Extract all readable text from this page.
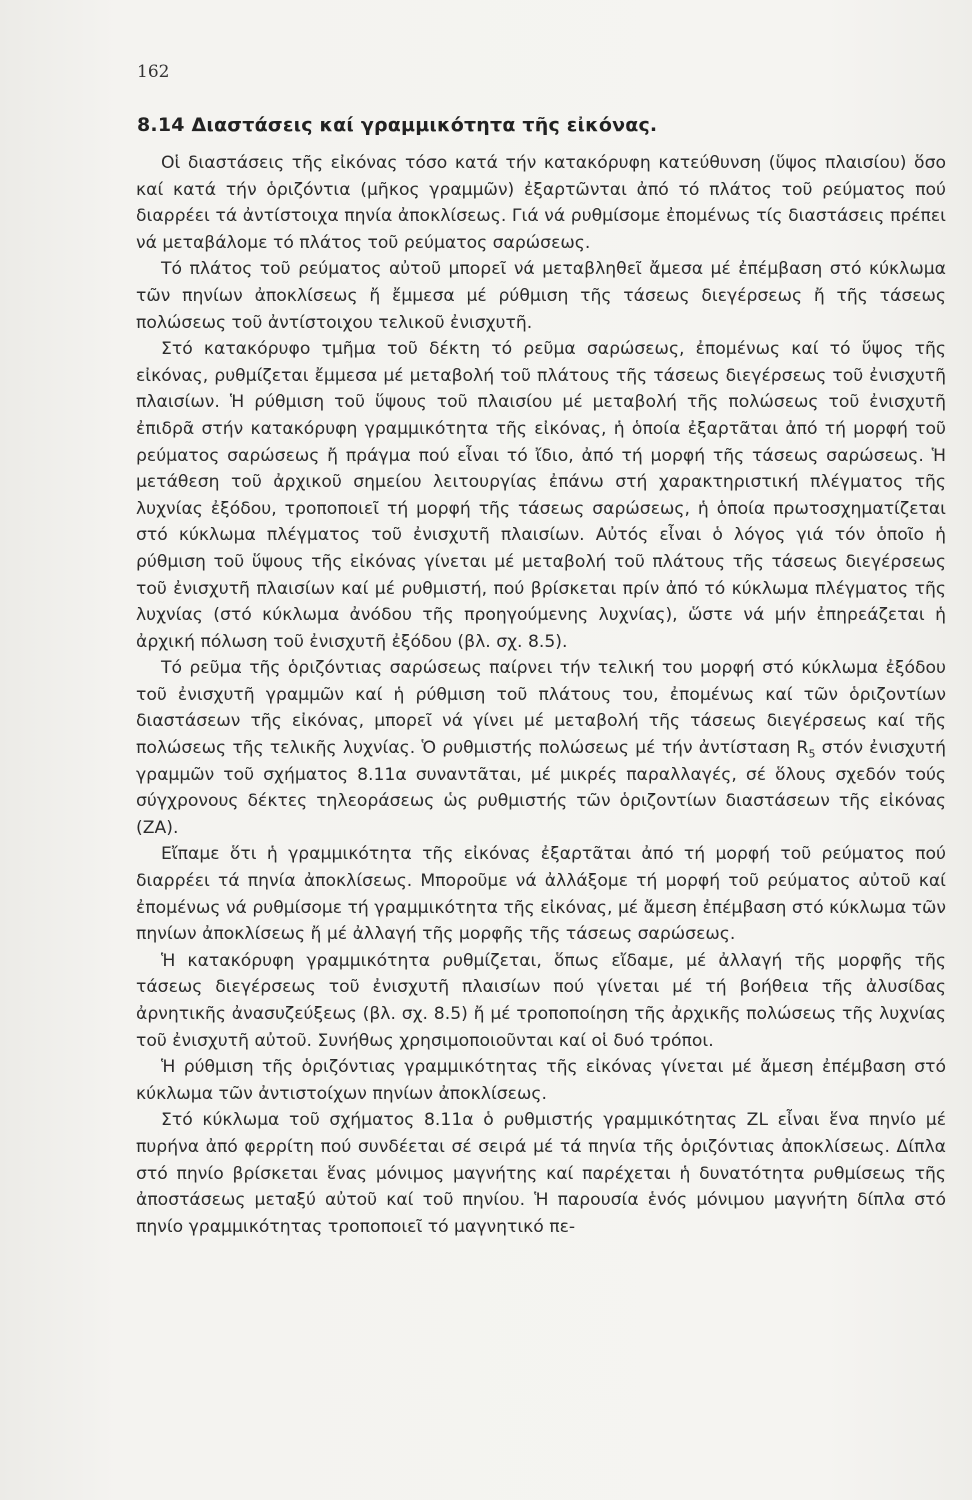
162
8.14 Διαστάσεις καί γραμμικότητα τῆς εἰκόνας.

Οἱ διαστάσεις τῆς εἰκόνας τόσο κατά τήν κατακόρυφη κατεύθυνση (ὕψος πλαισίου) ὅσο καί κατά τήν ὁριζόντια (μῆκος γραμμῶν) ἐξαρτῶνται ἀπό τό πλάτος τοῦ ρεύματος πού διαρρέει τά ἀντίστοιχα πηνία ἀποκλίσεως. Γιά νά ρυθμίσομε ἐπομένως τίς διαστάσεις πρέπει νά μεταβάλομε τό πλάτος τοῦ ρεύματος σαρώσεως.

Τό πλάτος τοῦ ρεύματος αὐτοῦ μπορεῖ νά μεταβληθεῖ ἄμεσα μέ ἐπέμβαση στό κύκλωμα τῶν πηνίων ἀποκλίσεως ἤ ἔμμεσα μέ ρύθμιση τῆς τάσεως διεγέρσεως ἤ τῆς τάσεως πολώσεως τοῦ ἀντίστοιχου τελικοῦ ἐνισχυτῆ.

Στό κατακόρυφο τμῆμα τοῦ δέκτη τό ρεῦμα σαρώσεως, ἐπομένως καί τό ὕψος τῆς εἰκόνας, ρυθμίζεται ἔμμεσα μέ μεταβολή τοῦ πλάτους τῆς τάσεως διεγέρσεως τοῦ ἐνισχυτῆ πλαισίων. Ἡ ρύθμιση τοῦ ὕψους τοῦ πλαισίου μέ μεταβολή τῆς πολώσεως τοῦ ἐνισχυτῆ ἐπιδρᾶ στήν κατακόρυφη γραμμικότητα τῆς εἰκόνας, ἡ ὁποία ἐξαρτᾶται ἀπό τή μορφή τοῦ ρεύματος σαρώσεως ἤ πράγμα πού εἶναι τό ἴδιο, ἀπό τή μορφή τῆς τάσεως σαρώσεως. Ἡ μετάθεση τοῦ ἀρχικοῦ σημείου λειτουργίας ἐπάνω στή χαρακτηριστική πλέγματος τῆς λυχνίας ἐξόδου, τροποποιεῖ τή μορφή τῆς τάσεως σαρώσεως, ἡ ὁποία πρωτοσχηματίζεται στό κύκλωμα πλέγματος τοῦ ἐνισχυτῆ πλαισίων. Αὐτός εἶναι ὁ λόγος γιά τόν ὁποῖο ἡ ρύθμιση τοῦ ὕψους τῆς εἰκόνας γίνεται μέ μεταβολή τοῦ πλάτους τῆς τάσεως διεγέρσεως τοῦ ἐνισχυτῆ πλαισίων καί μέ ρυθμιστή, πού βρίσκεται πρίν ἀπό τό κύκλωμα πλέγματος τῆς λυχνίας (στό κύκλωμα ἀνόδου τῆς προηγούμενης λυχνίας), ὥστε νά μήν ἐπηρεάζεται ἡ ἀρχική πόλωση τοῦ ἐνισχυτῆ ἐξόδου (βλ. σχ. 8.5).

Τό ρεῦμα τῆς ὁριζόντιας σαρώσεως παίρνει τήν τελική του μορφή στό κύκλωμα ἐξόδου τοῦ ἐνισχυτῆ γραμμῶν καί ἡ ρύθμιση τοῦ πλάτους του, ἐπομένως καί τῶν ὁριζοντίων διαστάσεων τῆς εἰκόνας, μπορεῖ νά γίνει μέ μεταβολή τῆς τάσεως διεγέρσεως καί τῆς πολώσεως τῆς τελικῆς λυχνίας. Ὁ ρυθμιστής πολώσεως μέ τήν ἀντίσταση $R_5$ στόν ἐνισχυτή γραμμῶν τοῦ σχήματος 8.11α συναντᾶται, μέ μικρές παραλλαγές, σέ ὅλους σχεδόν τούς σύγχρονους δέκτες τηλεοράσεως ὡς ρυθμιστής τῶν ὁριζοντίων διαστάσεων τῆς εἰκόνας (ZA).

Εἴπαμε ὅτι ἡ γραμμικότητα τῆς εἰκόνας ἐξαρτᾶται ἀπό τή μορφή τοῦ ρεύματος πού διαρρέει τά πηνία ἀποκλίσεως. Μποροῦμε νά ἀλλάξομε τή μορφή τοῦ ρεύματος αὐτοῦ καί ἐπομένως νά ρυθμίσομε τή γραμμικότητα τῆς εἰκόνας, μέ ἄμεση ἐπέμβαση στό κύκλωμα τῶν πηνίων ἀποκλίσεως ἤ μέ ἀλλαγή τῆς μορφῆς τῆς τάσεως σαρώσεως.

Ἡ κατακόρυφη γραμμικότητα ρυθμίζεται, ὅπως εἴδαμε, μέ ἀλλαγή τῆς μορφῆς τῆς τάσεως διεγέρσεως τοῦ ἐνισχυτῆ πλαισίων πού γίνεται μέ τή βοήθεια τῆς ἀλυσίδας ἀρνητικῆς ἀνασυζεύξεως (βλ. σχ. 8.5) ἤ μέ τροποποίηση τῆς ἀρχικῆς πολώσεως τῆς λυχνίας τοῦ ἐνισχυτῆ αὐτοῦ. Συνήθως χρησιμοποιοῦνται καί οἱ δυό τρόποι.

Ἡ ρύθμιση τῆς ὁριζόντιας γραμμικότητας τῆς εἰκόνας γίνεται μέ ἄμεση ἐπέμβαση στό κύκλωμα τῶν ἀντιστοίχων πηνίων ἀποκλίσεως.

Στό κύκλωμα τοῦ σχήματος 8.11α ὁ ρυθμιστής γραμμικότητας ZL εἶναι ἕνα πηνίο μέ πυρήνα ἀπό φερρίτη πού συνδέεται σέ σειρά μέ τά πηνία τῆς ὁριζόντιας ἀποκλίσεως. Δίπλα στό πηνίο βρίσκεται ἕνας μόνιμος μαγνήτης καί παρέχεται ἡ δυνατότητα ρυθμίσεως τῆς ἀποστάσεως μεταξύ αὐτοῦ καί τοῦ πηνίου. Ἡ παρουσία ἑνός μόνιμου μαγνήτη δίπλα στό πηνίο γραμμικότητας τροποποιεῖ τό μαγνητικό πε-
